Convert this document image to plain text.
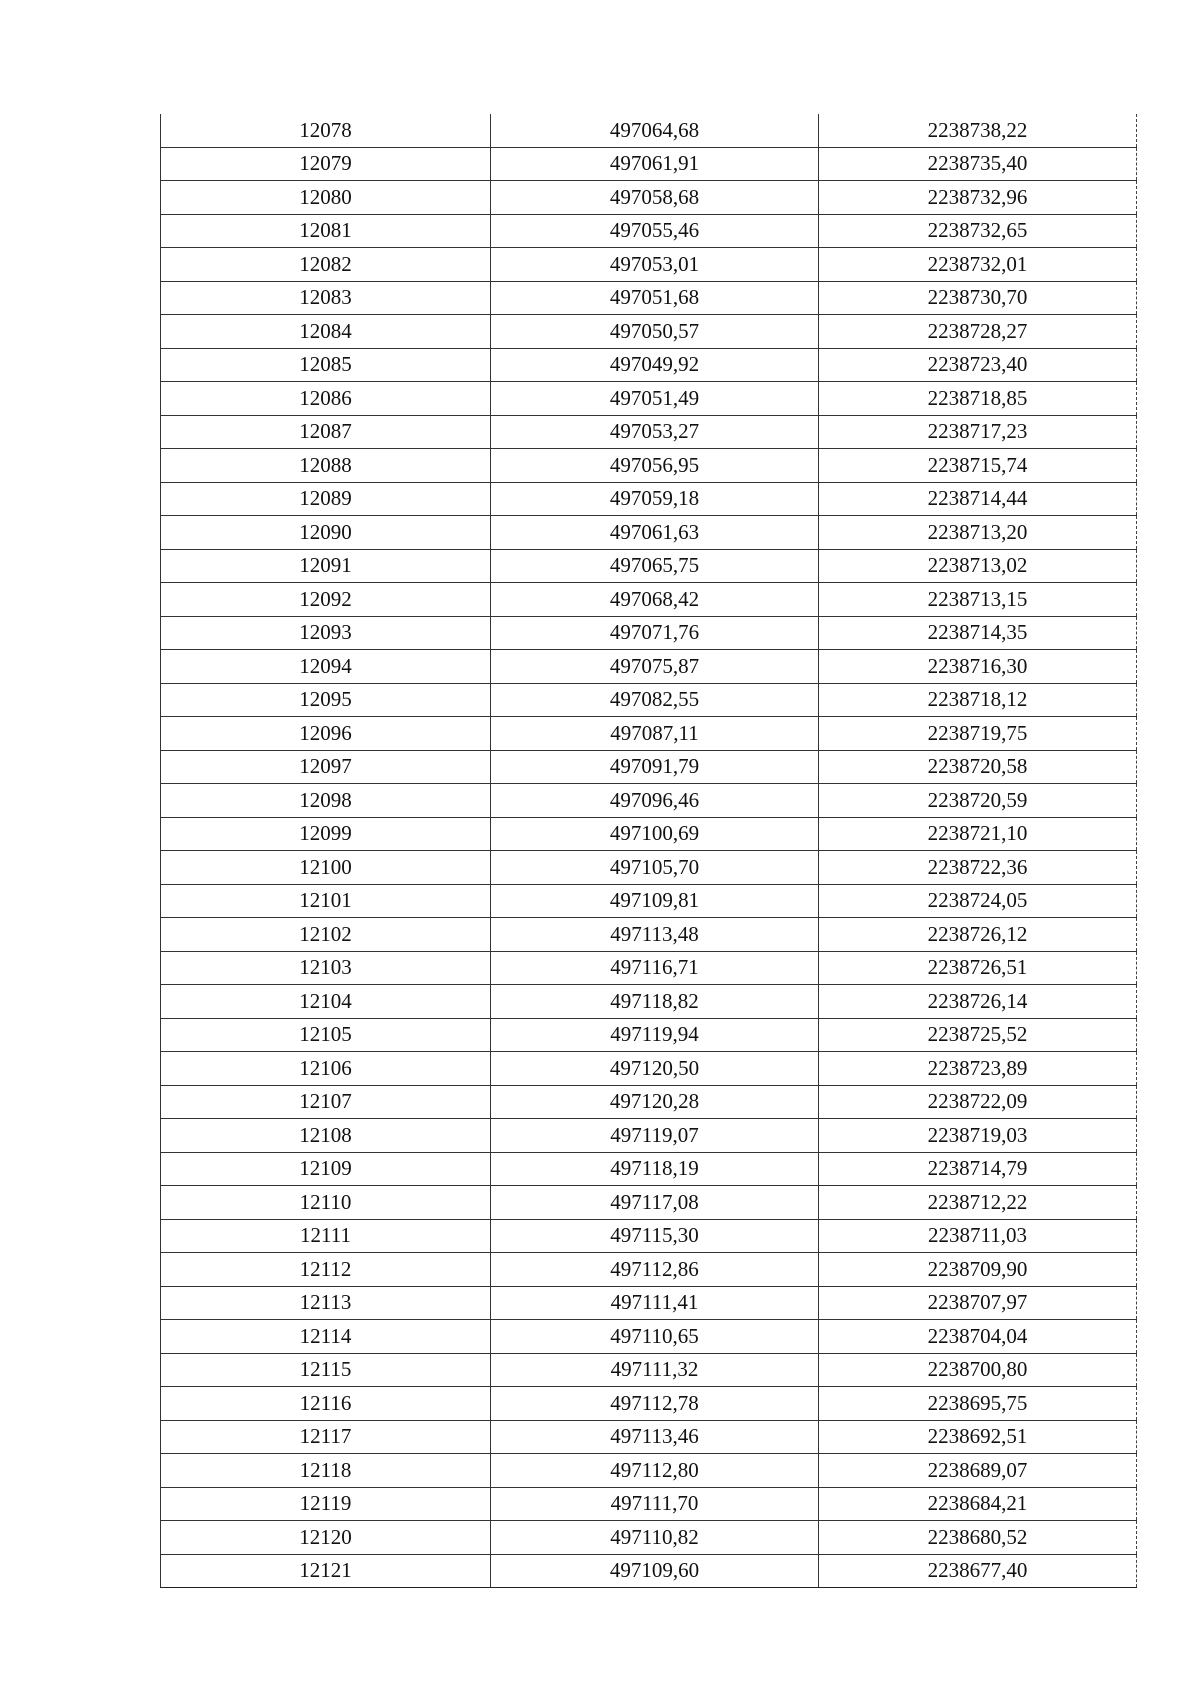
12078	497064,68	2238738,22
12079	497061,91	2238735,40
12080	497058,68	2238732,96
12081	497055,46	2238732,65
12082	497053,01	2238732,01
12083	497051,68	2238730,70
12084	497050,57	2238728,27
12085	497049,92	2238723,40
12086	497051,49	2238718,85
12087	497053,27	2238717,23
12088	497056,95	2238715,74
12089	497059,18	2238714,44
12090	497061,63	2238713,20
12091	497065,75	2238713,02
12092	497068,42	2238713,15
12093	497071,76	2238714,35
12094	497075,87	2238716,30
12095	497082,55	2238718,12
12096	497087,11	2238719,75
12097	497091,79	2238720,58
12098	497096,46	2238720,59
12099	497100,69	2238721,10
12100	497105,70	2238722,36
12101	497109,81	2238724,05
12102	497113,48	2238726,12
12103	497116,71	2238726,51
12104	497118,82	2238726,14
12105	497119,94	2238725,52
12106	497120,50	2238723,89
12107	497120,28	2238722,09
12108	497119,07	2238719,03
12109	497118,19	2238714,79
12110	497117,08	2238712,22
12111	497115,30	2238711,03
12112	497112,86	2238709,90
12113	497111,41	2238707,97
12114	497110,65	2238704,04
12115	497111,32	2238700,80
12116	497112,78	2238695,75
12117	497113,46	2238692,51
12118	497112,80	2238689,07
12119	497111,70	2238684,21
12120	497110,82	2238680,52
12121	497109,60	2238677,40
